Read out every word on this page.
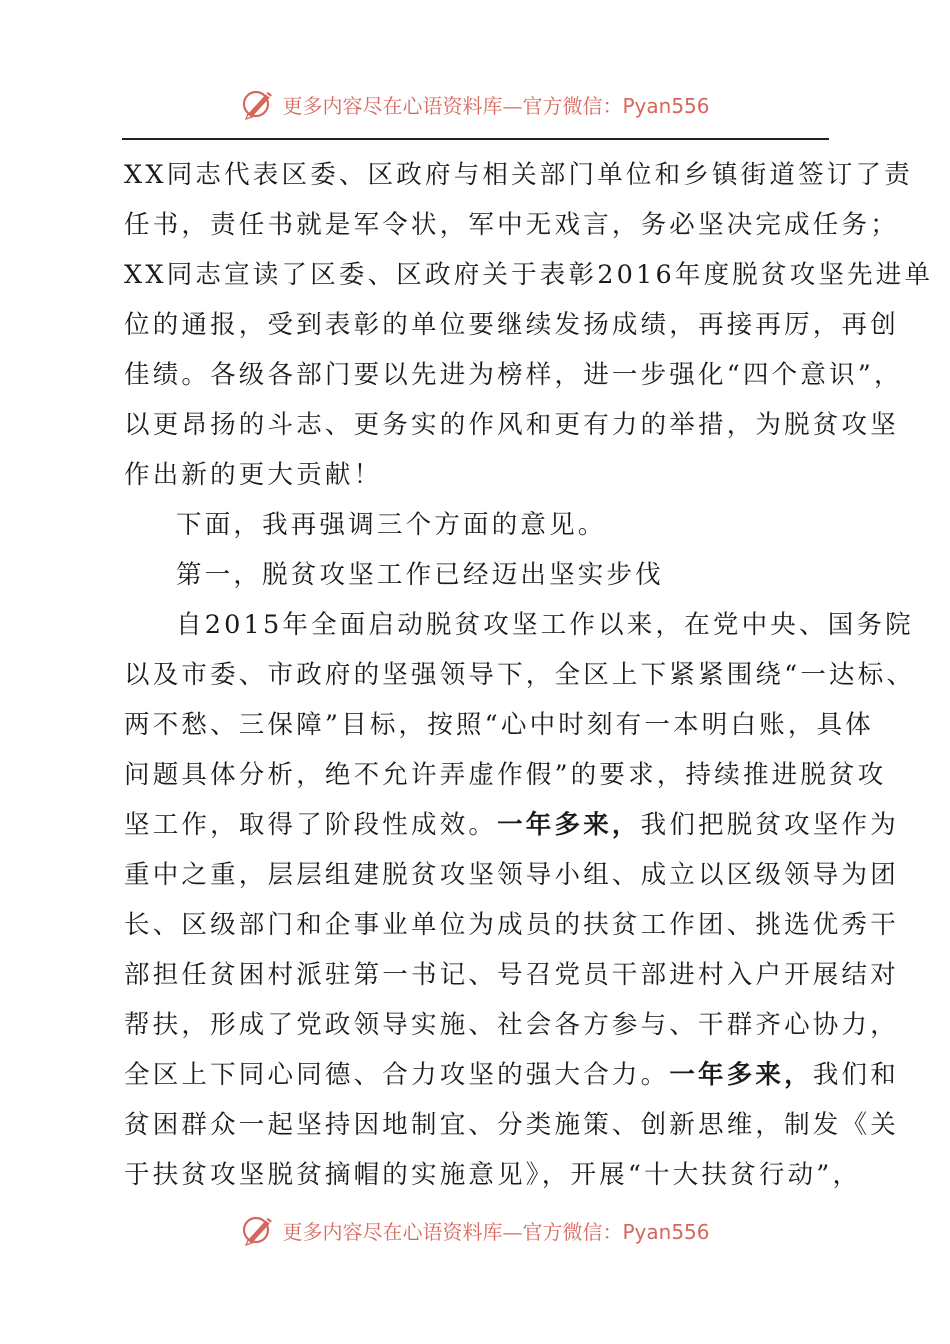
更多内容尽在心语资料库—官方微信：Pyan556
XX同志代表区委、区政府与相关部门单位和乡镇街道签订了责
任书，责任书就是军令状，军中无戏言，务必坚决完成任务；
XX同志宣读了区委、区政府关于表彰2016年度脱贫攻坚先进单
位的通报，受到表彰的单位要继续发扬成绩，再接再厉，再创
佳绩。各级各部门要以先进为榜样，进一步强化“四个意识”，
以更昂扬的斗志、更务实的作风和更有力的举措，为脱贫攻坚
作出新的更大贡献！
下面，我再强调三个方面的意见。
第一，脱贫攻坚工作已经迈出坚实步伐
自2015年全面启动脱贫攻坚工作以来，在党中央、国务院
以及市委、市政府的坚强领导下，全区上下紧紧围绕“一达标、
两不愁、三保障”目标，按照“心中时刻有一本明白账，具体
问题具体分析，绝不允许弄虚作假”的要求，持续推进脱贫攻
坚工作，取得了阶段性成效。一年多来，我们把脱贫攻坚作为
重中之重，层层组建脱贫攻坚领导小组、成立以区级领导为团
长、区级部门和企事业单位为成员的扶贫工作团、挑选优秀干
部担任贫困村派驻第一书记、号召党员干部进村入户开展结对
帮扶，形成了党政领导实施、社会各方参与、干群齐心协力，
全区上下同心同德、合力攻坚的强大合力。一年多来，我们和
贫困群众一起坚持因地制宜、分类施策、创新思维，制发《关
于扶贫攻坚脱贫摘帽的实施意见》，开展“十大扶贫行动”，
更多内容尽在心语资料库—官方微信：Pyan556
